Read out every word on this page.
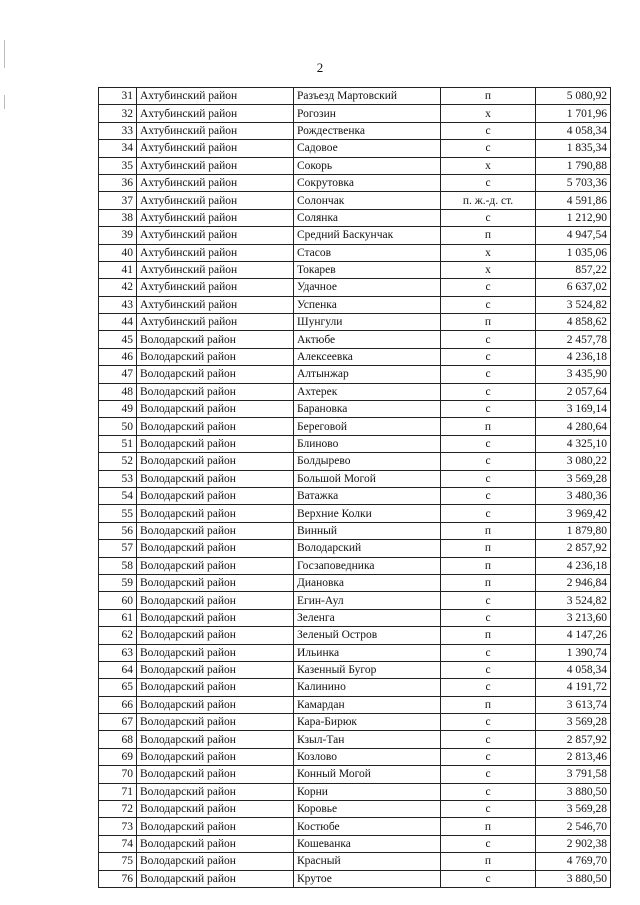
2
31	Ахтубинский район	Разъезд Мартовский	п	5 080,92
32	Ахтубинский район	Рогозин	х	1 701,96
33	Ахтубинский район	Рождественка	с	4 058,34
34	Ахтубинский район	Садовое	с	1 835,34
35	Ахтубинский район	Сокорь	х	1 790,88
36	Ахтубинский район	Сокрутовка	с	5 703,36
37	Ахтубинский район	Солончак	п. ж.-д. ст.	4 591,86
38	Ахтубинский район	Солянка	с	1 212,90
39	Ахтубинский район	Средний Баскунчак	п	4 947,54
40	Ахтубинский район	Стасов	х	1 035,06
41	Ахтубинский район	Токарев	х	857,22
42	Ахтубинский район	Удачное	с	6 637,02
43	Ахтубинский район	Успенка	с	3 524,82
44	Ахтубинский район	Шунгули	п	4 858,62
45	Володарский район	Актюбе	с	2 457,78
46	Володарский район	Алексеевка	с	4 236,18
47	Володарский район	Алтынжар	с	3 435,90
48	Володарский район	Ахтерек	с	2 057,64
49	Володарский район	Барановка	с	3 169,14
50	Володарский район	Береговой	п	4 280,64
51	Володарский район	Блиново	с	4 325,10
52	Володарский район	Болдырево	с	3 080,22
53	Володарский район	Большой Могой	с	3 569,28
54	Володарский район	Ватажка	с	3 480,36
55	Володарский район	Верхние Колки	с	3 969,42
56	Володарский район	Винный	п	1 879,80
57	Володарский район	Володарский	п	2 857,92
58	Володарский район	Госзаповедника	п	4 236,18
59	Володарский район	Диановка	п	2 946,84
60	Володарский район	Егин-Аул	с	3 524,82
61	Володарский район	Зеленга	с	3 213,60
62	Володарский район	Зеленый Остров	п	4 147,26
63	Володарский район	Ильинка	с	1 390,74
64	Володарский район	Казенный Бугор	с	4 058,34
65	Володарский район	Калинино	с	4 191,72
66	Володарский район	Камардан	п	3 613,74
67	Володарский район	Кара-Бирюк	с	3 569,28
68	Володарский район	Кзыл-Тан	с	2 857,92
69	Володарский район	Козлово	с	2 813,46
70	Володарский район	Конный Могой	с	3 791,58
71	Володарский район	Корни	с	3 880,50
72	Володарский район	Коровье	с	3 569,28
73	Володарский район	Костюбе	п	2 546,70
74	Володарский район	Кошеванка	с	2 902,38
75	Володарский район	Красный	п	4 769,70
76	Володарский район	Крутое	с	3 880,50
